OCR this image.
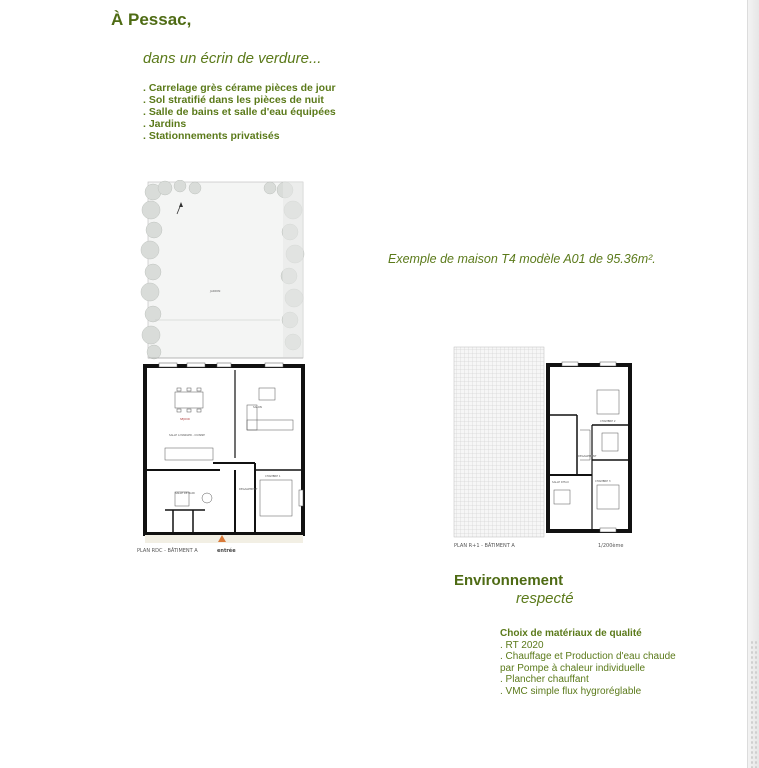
À Pessac,
dans un écrin de verdure...
. Carrelage grès cérame pièces de jour
. Sol stratifié dans les pièces de nuit
. Salle de bains et salle d'eau équipées
. Jardins
. Stationnements privatisés
Exemple de maison T4 modèle A01 de 95.36m².
JARDIN
SEJOUR
SALLE A MANGER - CUISINE
SALON
CHAMBRE 1
DEGAGEMENT
SALLE DE BAIN
PLAN RDC - BÂTIMENT A	entrée
CHAMBRE 2
CHAMBRE 3
DEGAGEMENT
SALLE D'EAU
PLAN R+1 - BÂTIMENT A	1/200ème
Environnement
respecté
Choix de matériaux de qualité
. RT 2020
. Chauffage et Production d'eau chaude
par Pompe à chaleur individuelle
. Plancher chauffant
. VMC simple flux hygroréglable
